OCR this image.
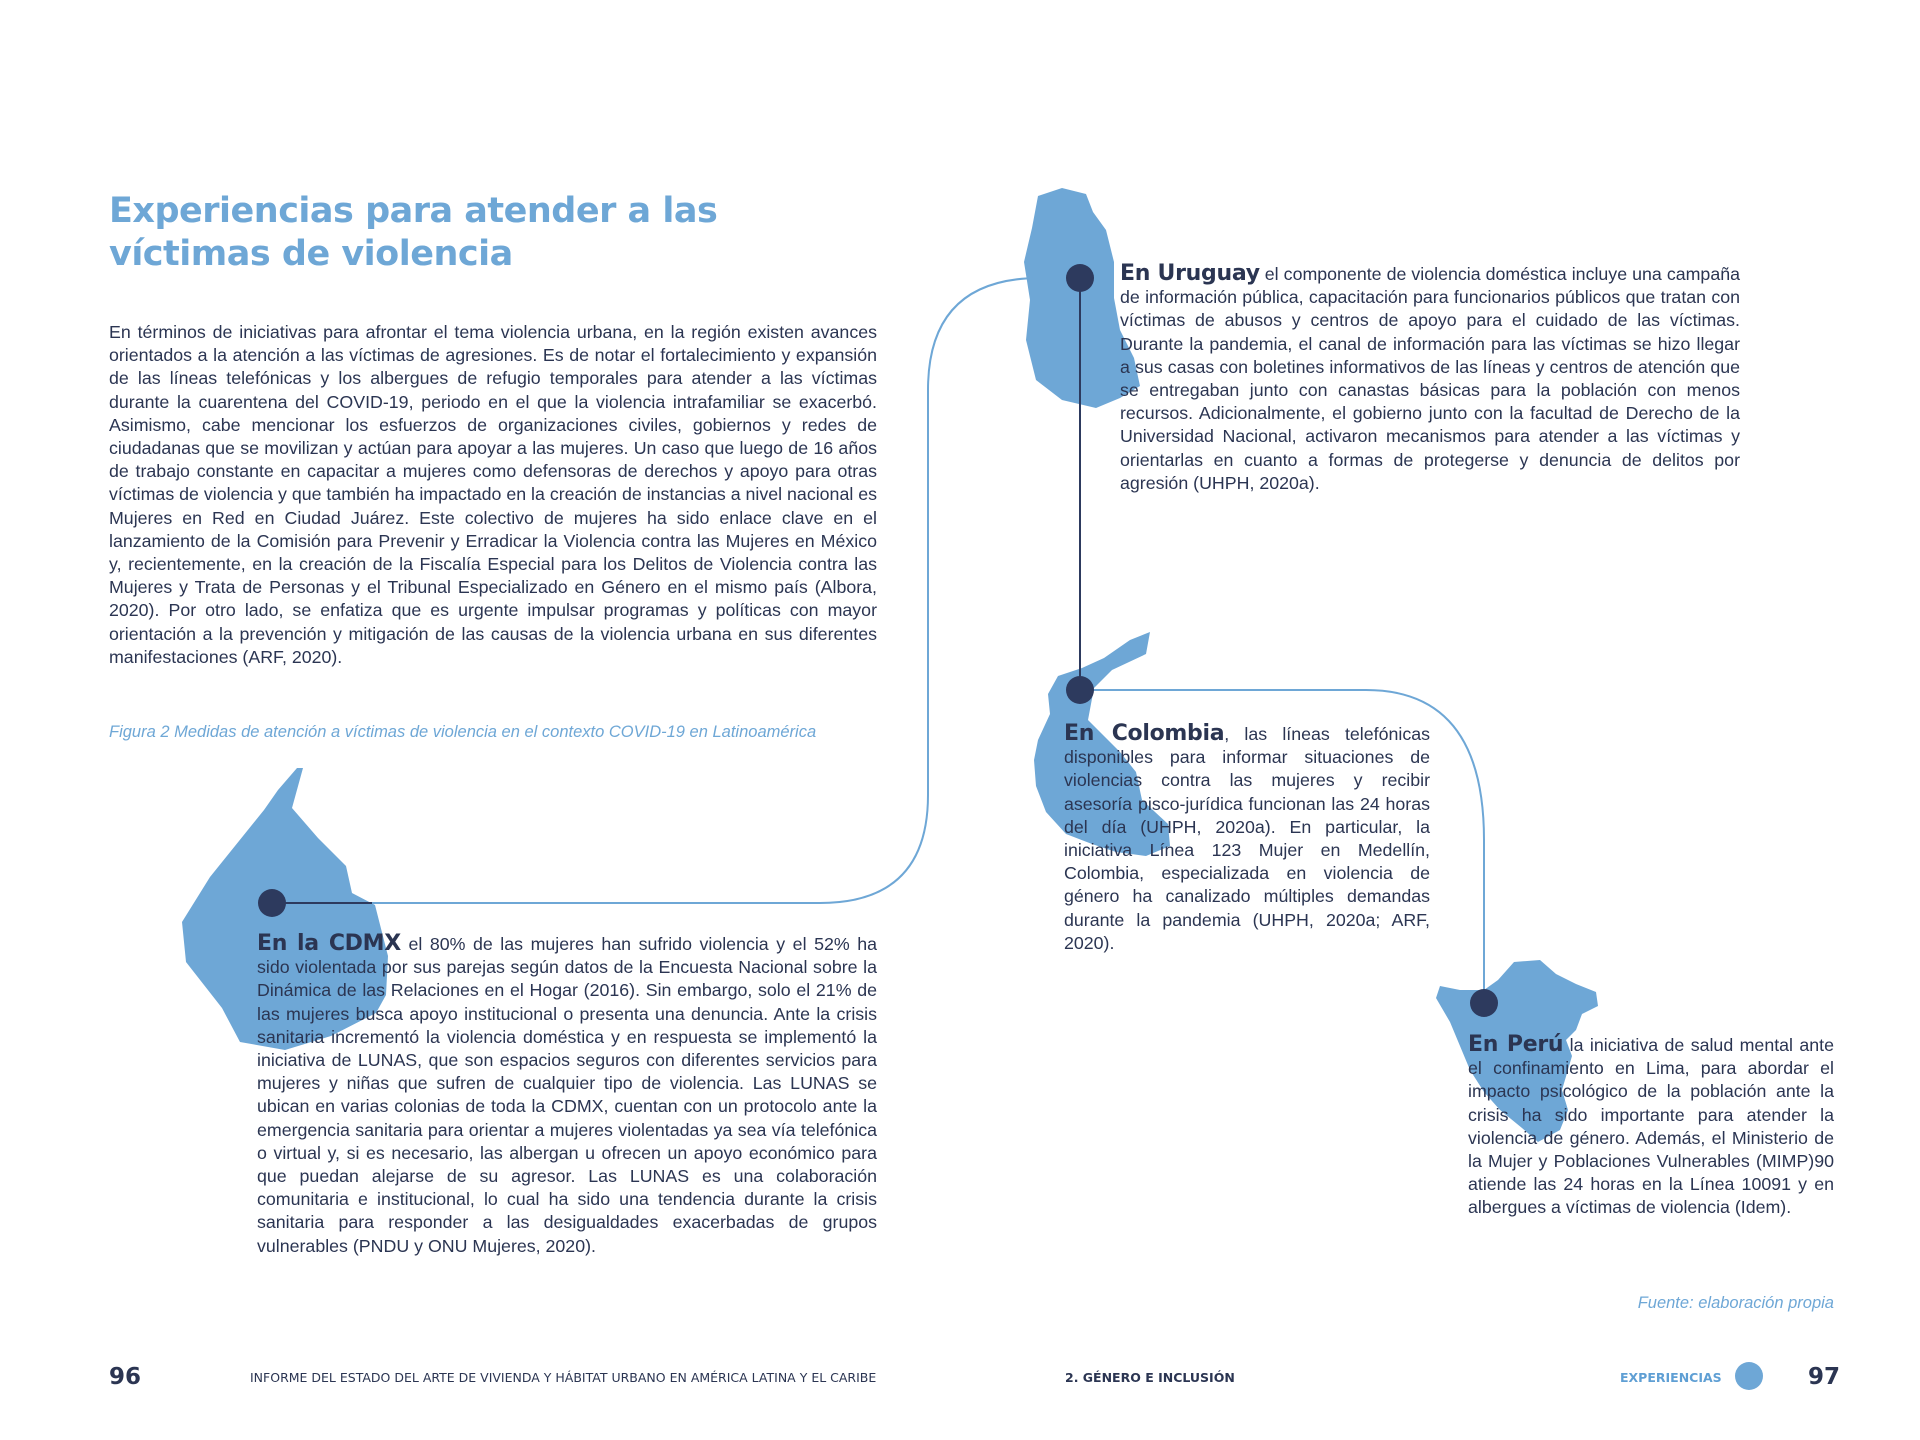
Experiencias para atender a las víctimas de violencia
En términos de iniciativas para afrontar el tema violencia urbana, en la región existen avances orientados a la atención a las víctimas de agresiones. Es de notar el fortalecimiento y expansión de las líneas telefónicas y los albergues de refugio temporales para atender a las víctimas durante la cuarentena del COVID-19, periodo en el que la violencia intrafamiliar se exacerbó. Asimismo, cabe mencionar los esfuerzos de organizaciones civiles, gobiernos y redes de ciudadanas que se movilizan y actúan para apoyar a las mujeres. Un caso que luego de 16 años de trabajo constante en capacitar a mujeres como defensoras de derechos y apoyo para otras víctimas de violencia y que también ha impactado en la creación de instancias a nivel nacional es Mujeres en Red en Ciudad Juárez. Este colectivo de mujeres ha sido enlace clave en el lanzamiento de la Comisión para Prevenir y Erradicar la Violencia contra las Mujeres en México y, recientemente, en la creación de la Fiscalía Especial para los Delitos de Violencia contra las Mujeres y Trata de Personas y el Tribunal Especializado en Género en el mismo país (Albora, 2020). Por otro lado, se enfatiza que es urgente impulsar programas y políticas con mayor orientación a la prevención y mitigación de las causas de la violencia urbana en sus diferentes manifestaciones (ARF, 2020).
Figura 2 Medidas de atención a víctimas de violencia en el contexto COVID-19 en Latinoamérica
En la CDMX el 80% de las mujeres han sufrido violencia y el 52% ha sido violentada por sus parejas según datos de la Encuesta Nacional sobre la Dinámica de las Relaciones en el Hogar (2016). Sin embargo, solo el 21% de las mujeres busca apoyo institucional o presenta una denuncia. Ante la crisis sanitaria incrementó la violencia doméstica y en respuesta se implementó la iniciativa de LUNAS, que son espacios seguros con diferentes servicios para mujeres y niñas que sufren de cualquier tipo de violencia. Las LUNAS se ubican en varias colonias de toda la CDMX, cuentan con un protocolo ante la emergencia sanitaria para orientar a mujeres violentadas ya sea vía telefónica o virtual y, si es necesario, las albergan u ofrecen un apoyo económico para que puedan alejarse de su agresor. Las LUNAS es una colaboración comunitaria e institucional, lo cual ha sido una tendencia durante la crisis sanitaria para responder a las desigualdades exacerbadas de grupos vulnerables (PNDU y ONU Mujeres, 2020).
En Uruguay el componente de violencia doméstica incluye una campaña de información pública, capacitación para funcionarios públicos que tratan con víctimas de abusos y centros de apoyo para el cuidado de las víctimas. Durante la pandemia, el canal de información para las víctimas se hizo llegar a sus casas con boletines informativos de las líneas y centros de atención que se entregaban junto con canastas básicas para la población con menos recursos. Adicionalmente, el gobierno junto con la facultad de Derecho de la Universidad Nacional, activaron mecanismos para atender a las víctimas y orientarlas en cuanto a formas de protegerse y denuncia de delitos por agresión (UHPH, 2020a).
En Colombia, las líneas telefónicas disponibles para informar situaciones de violencias contra las mujeres y recibir asesoría pisco-jurídica funcionan las 24 horas del día (UHPH, 2020a). En particular, la iniciativa Línea 123 Mujer en Medellín, Colombia, especializada en violencia de género ha canalizado múltiples demandas durante la pandemia (UHPH, 2020a; ARF, 2020).
En Perú la iniciativa de salud mental ante el confinamiento en Lima, para abordar el impacto psicológico de la población ante la crisis ha sido importante para atender la violencia de género. Además, el Ministerio de la Mujer y Poblaciones Vulnerables (MIMP)90 atiende las 24 horas en la Línea 10091 y en albergues a víctimas de violencia (Idem).
Fuente: elaboración propia
96	INFORME DEL ESTADO DEL ARTE DE VIVIENDA Y HÁBITAT URBANO EN AMÉRICA LATINA Y EL CARIBE	2. GÉNERO E INCLUSIÓN	EXPERIENCIAS	97
